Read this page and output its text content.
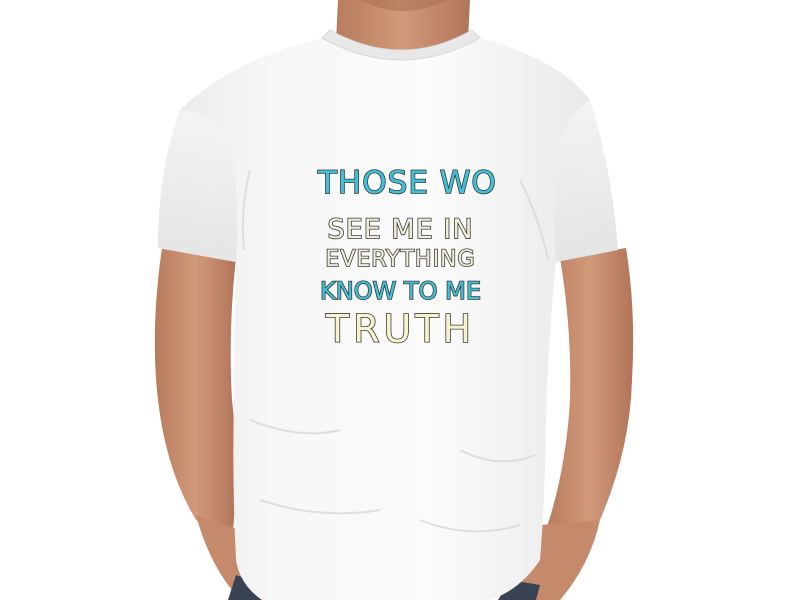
THOSE WO
SEE ME IN
EVERYTHING
KNOW TO ME
TRUTH
